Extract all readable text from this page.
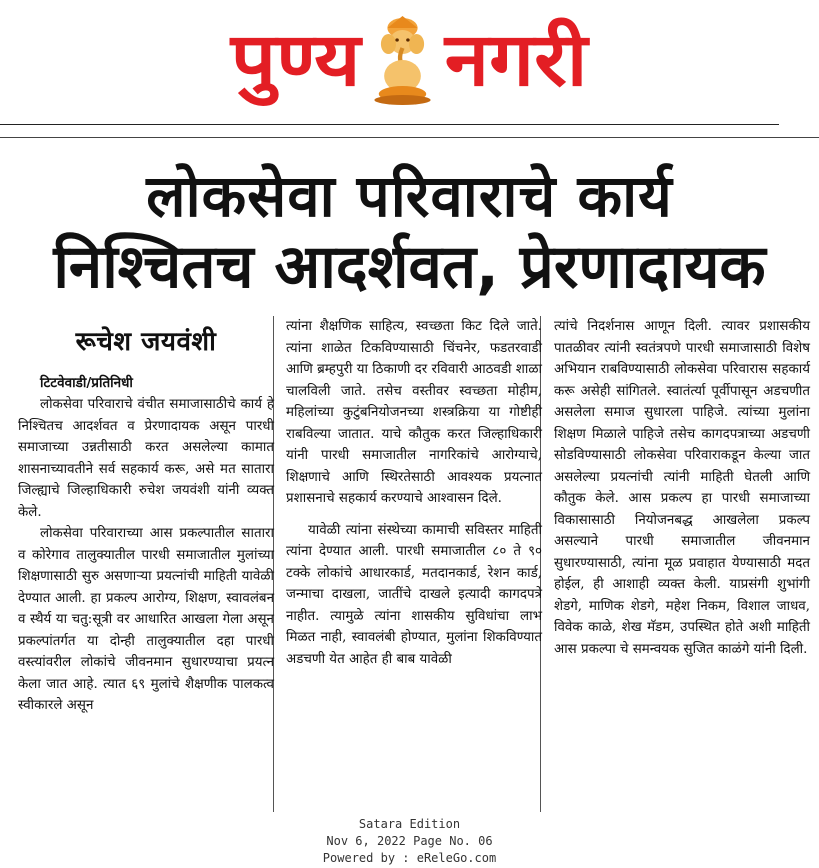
पुण्य नगरी
लोकसेवा परिवाराचे कार्य
निश्चितच आदर्शवत, प्रेरणादायक
रूचेश जयवंशी
टिटवेवाडी/प्रतिनिधी

लोकसेवा परिवाराचे वंचीत समाजासाठीचे कार्य हे निश्चितच आदर्शवत व प्रेरणादायक असून पारधी समाजाच्या उन्नतीसाठी करत असलेल्या कामात शासनाच्यावतीने सर्व सहकार्य करू, असे मत सातारा जिल्ह्याचे जिल्हाधिकारी रुचेश जयवंशी यांनी व्यक्त केले.

लोकसेवा परिवाराच्या आस प्रकल्पातील सातारा व कोरेगाव तालुक्यातील पारधी समाजातील मुलांच्या शिक्षणासाठी सुरु असणाऱ्या प्रयत्नांची माहिती यावेळी देण्यात आली. हा प्रकल्प आरोग्य, शिक्षण, स्वावलंबन व स्थैर्य या चतु:सूत्री वर आधारित आखला गेला असून प्रकल्पांतर्गत या दोन्ही तालुक्यातील दहा पारधी वस्त्यांवरील लोकांचे जीवनमान सुधारण्याचा प्रयत्न केला जात आहे. त्यात ६९ मुलांचे शैक्षणीक पालकत्व स्वीकारले असून

त्यांना शैक्षणिक साहित्य, स्वच्छता किट दिले जाते. त्यांना शाळेत टिकविण्यासाठी चिंचनेर, फडतरवाडी आणि ब्रम्हपुरी या ठिकाणी दर रविवारी आठवडी शाळा चालविली जाते. तसेच वस्तीवर स्वच्छता मोहीम, महिलांच्या कुटुंबनियोजनच्या शस्त्रक्रिया या गोष्टीही राबविल्या जातात. याचे कौतुक करत जिल्हाधिकारी यांनी पारधी समाजातील नागरिकांचे आरोग्याचे, शिक्षणाचे आणि स्थिरतेसाठी आवश्यक प्रयत्नात प्रशासनाचे सहकार्य करण्याचे आश्वासन दिले.

यावेळी त्यांना संस्थेच्या कामाची सविस्तर माहिती त्यांना देण्यात आली. पारधी समाजातील ८० ते ९० टक्के लोकांचे आधारकार्ड, मतदानकार्ड, रेशन कार्ड, जन्माचा दाखला, जातींचे दाखले इत्यादी कागदपत्रे नाहीत. त्यामुळे त्यांना शासकीय सुविधांचा लाभ मिळत नाही, स्वावलंबी होण्यात, मुलांना शिकविण्यात अडचणी येत आहेत ही बाब यावेळी

त्यांचे निदर्शनास आणून दिली. त्यावर प्रशासकीय पातळीवर त्यांनी स्वतंत्रपणे पारधी समाजासाठी विशेष अभियान राबविण्यासाठी लोकसेवा परिवारास सहकार्य करू असेही सांगितले. स्वातंर्त्या पूर्वीपासून अडचणीत असलेला समाज सुधारला पाहिजे. त्यांच्या मुलांना शिक्षण मिळाले पाहिजे तसेच कागदपत्राच्या अडचणी सोडविण्यासाठी लोकसेवा परिवाराकडून केल्या जात असलेल्या प्रयत्नांची त्यांनी माहिती घेतली आणि कौतुक केले. आस प्रकल्प हा पारधी समाजाच्या विकासासाठी नियोजनबद्ध आखलेला प्रकल्प असल्याने पारधी समाजातील जीवनमान सुधारण्यासाठी, त्यांना मूळ प्रवाहात येण्यासाठी मदत होईल, ही आशाही व्यक्त केली. याप्रसंगी शुभांगी शेडगे, माणिक शेडगे, महेश निकम, विशाल जाधव, विवेक काळे, शेख मॅडम, उपस्थित होते अशी माहिती आस प्रकल्पा चे समन्वयक सुजित काळंगे यांनी दिली.

Satara Edition
Nov 6, 2022 Page No. 06
Powered by : eReleGo.com
